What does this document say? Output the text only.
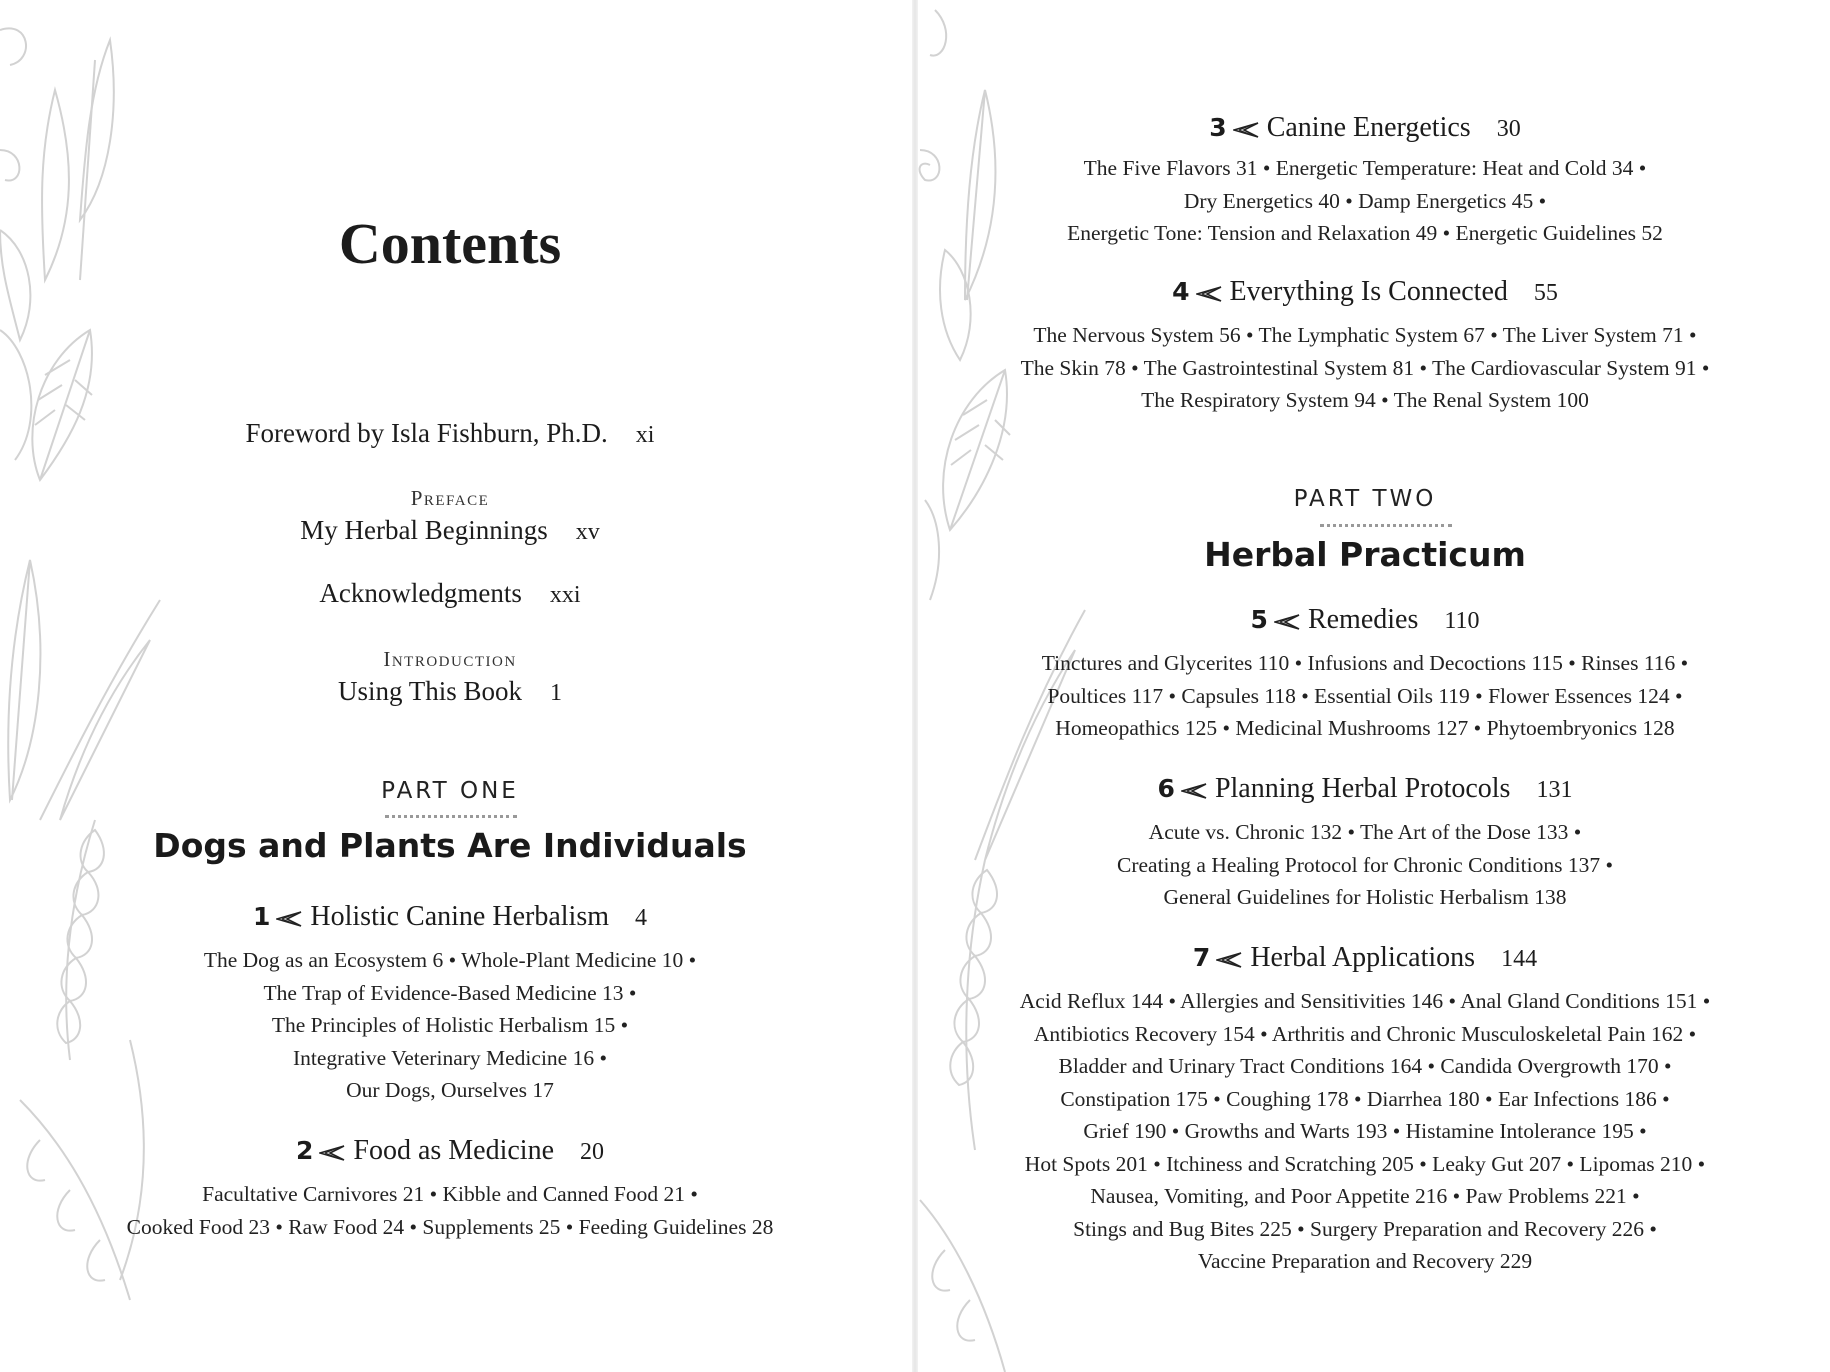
Contents
Foreword by Isla Fishburn, Ph.D. xi
Preface
My Herbal Beginnings xv
Acknowledgments xxi
Introduction
Using This Book 1
PART ONE
Dogs and Plants Are Individuals
1 Holistic Canine Herbalism 4
The Dog as an Ecosystem 6 • Whole-Plant Medicine 10 •
The Trap of Evidence-Based Medicine 13 •
The Principles of Holistic Herbalism 15 •
Integrative Veterinary Medicine 16 •
Our Dogs, Ourselves 17
2 Food as Medicine 20
Facultative Carnivores 21 • Kibble and Canned Food 21 •
Cooked Food 23 • Raw Food 24 • Supplements 25 • Feeding Guidelines 28
3 Canine Energetics 30
The Five Flavors 31 • Energetic Temperature: Heat and Cold 34 •
Dry Energetics 40 • Damp Energetics 45 •
Energetic Tone: Tension and Relaxation 49 • Energetic Guidelines 52
4 Everything Is Connected 55
The Nervous System 56 • The Lymphatic System 67 • The Liver System 71 •
The Skin 78 • The Gastrointestinal System 81 • The Cardiovascular System 91 •
The Respiratory System 94 • The Renal System 100
PART TWO
Herbal Practicum
5 Remedies 110
Tinctures and Glycerites 110 • Infusions and Decoctions 115 • Rinses 116 •
Poultices 117 • Capsules 118 • Essential Oils 119 • Flower Essences 124 •
Homeopathics 125 • Medicinal Mushrooms 127 • Phytoembryonics 128
6 Planning Herbal Protocols 131
Acute vs. Chronic 132 • The Art of the Dose 133 •
Creating a Healing Protocol for Chronic Conditions 137 •
General Guidelines for Holistic Herbalism 138
7 Herbal Applications 144
Acid Reflux 144 • Allergies and Sensitivities 146 • Anal Gland Conditions 151 •
Antibiotics Recovery 154 • Arthritis and Chronic Musculoskeletal Pain 162 •
Bladder and Urinary Tract Conditions 164 • Candida Overgrowth 170 •
Constipation 175 • Coughing 178 • Diarrhea 180 • Ear Infections 186 •
Grief 190 • Growths and Warts 193 • Histamine Intolerance 195 •
Hot Spots 201 • Itchiness and Scratching 205 • Leaky Gut 207 • Lipomas 210 •
Nausea, Vomiting, and Poor Appetite 216 • Paw Problems 221 •
Stings and Bug Bites 225 • Surgery Preparation and Recovery 226 •
Vaccine Preparation and Recovery 229
